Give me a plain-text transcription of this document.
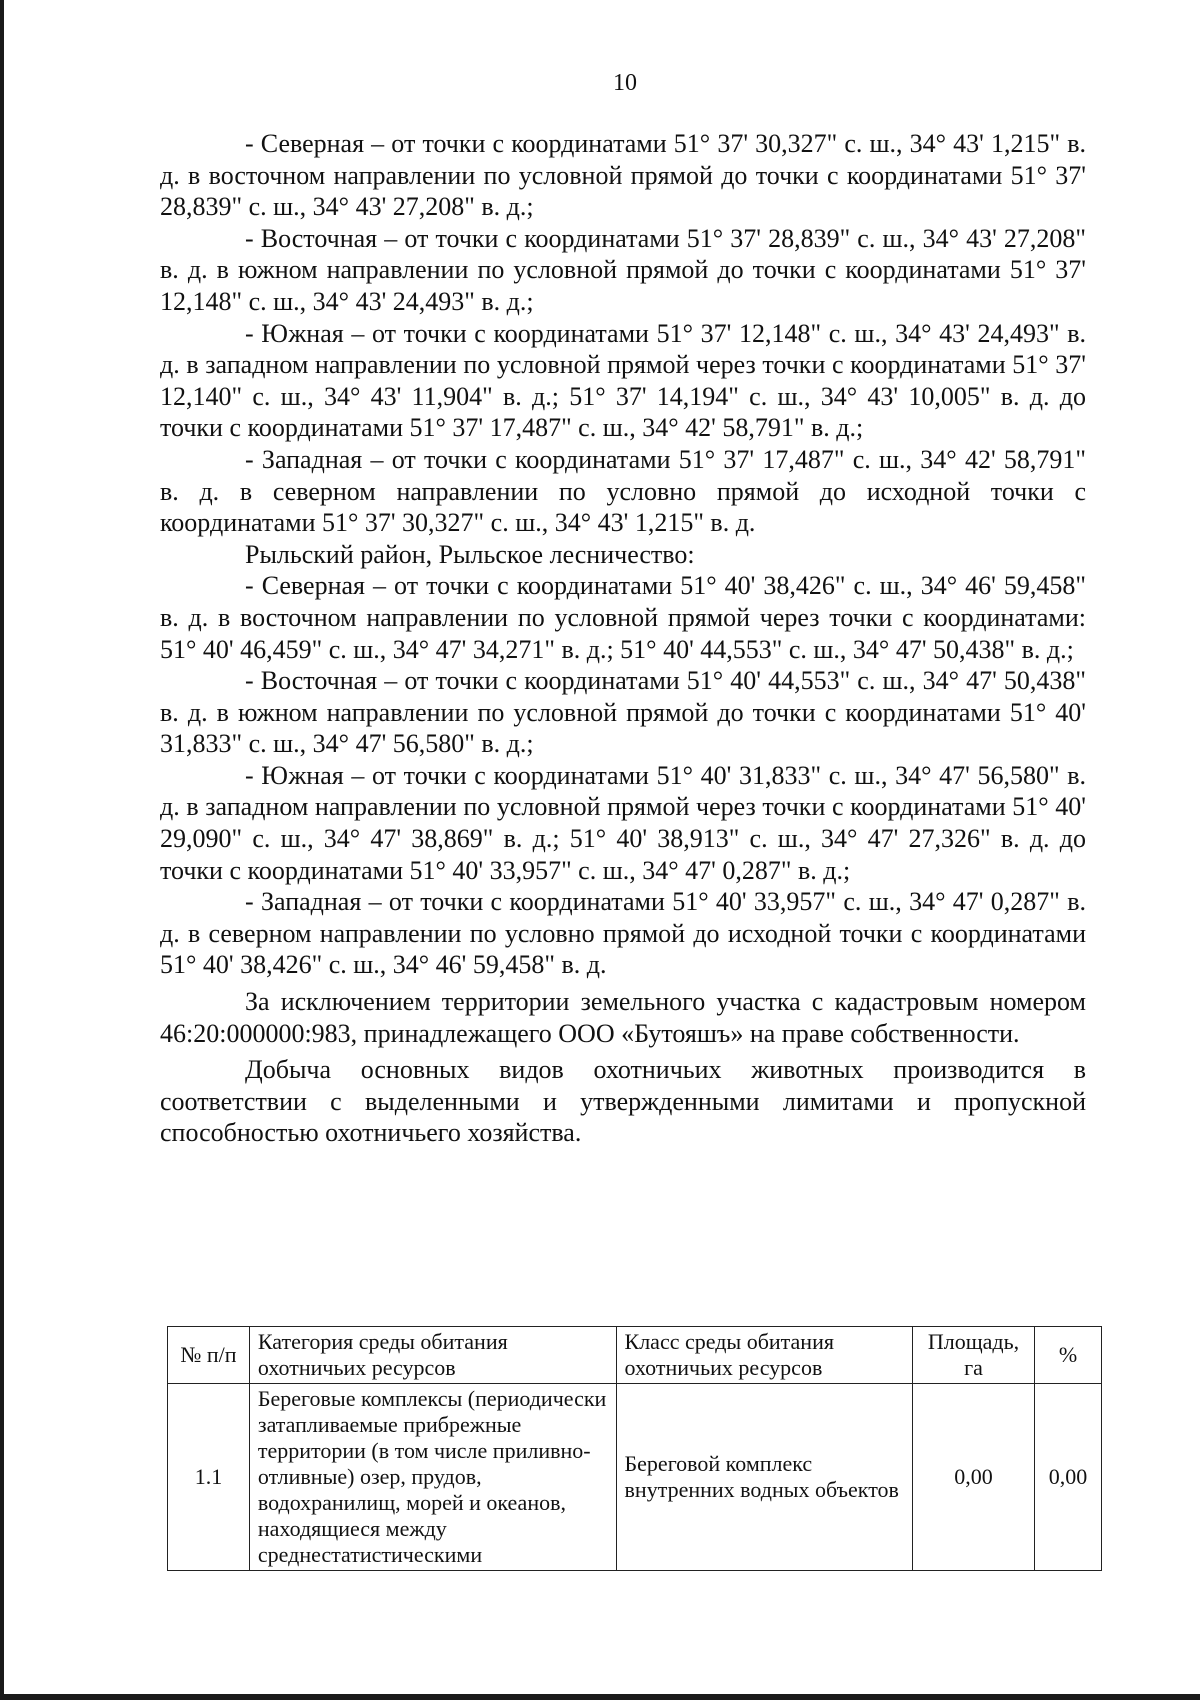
10

- Северная – от точки с координатами 51° 37' 30,327" с. ш., 34° 43' 1,215" в. д. в восточном направлении по условной прямой до точки с координатами 51° 37' 28,839" с. ш., 34° 43' 27,208" в. д.;

- Восточная – от точки с координатами 51° 37' 28,839" с. ш., 34° 43' 27,208" в. д. в южном направлении по условной прямой до точки с координатами 51° 37' 12,148" с. ш., 34° 43' 24,493" в. д.;

- Южная – от точки с координатами 51° 37' 12,148" с. ш., 34° 43' 24,493" в. д. в западном направлении по условной прямой через точки с координатами 51° 37' 12,140" с. ш., 34° 43' 11,904" в. д.; 51° 37' 14,194" с. ш., 34° 43' 10,005" в. д. до точки с координатами 51° 37' 17,487" с. ш., 34° 42' 58,791" в. д.;

- Западная – от точки с координатами 51° 37' 17,487" с. ш., 34° 42' 58,791" в. д. в северном направлении по условно прямой до исходной точки с координатами 51° 37' 30,327" с. ш., 34° 43' 1,215" в. д.

Рыльский район, Рыльское лесничество:

- Северная – от точки с координатами 51° 40' 38,426" с. ш., 34° 46' 59,458" в. д. в восточном направлении по условной прямой через точки с координатами: 51° 40' 46,459" с. ш., 34° 47' 34,271" в. д.; 51° 40' 44,553" с. ш., 34° 47' 50,438" в. д.;

- Восточная – от точки с координатами 51° 40' 44,553" с. ш., 34° 47' 50,438" в. д. в южном направлении по условной прямой до точки с координатами 51° 40' 31,833" с. ш., 34° 47' 56,580" в. д.;

- Южная – от точки с координатами 51° 40' 31,833" с. ш., 34° 47' 56,580" в. д. в западном направлении по условной прямой через точки с координатами 51° 40' 29,090" с. ш., 34° 47' 38,869" в. д.; 51° 40' 38,913" с. ш., 34° 47' 27,326" в. д. до точки с координатами 51° 40' 33,957" с. ш., 34° 47' 0,287" в. д.;

- Западная – от точки с координатами 51° 40' 33,957" с. ш., 34° 47' 0,287" в. д. в северном направлении по условно прямой до исходной точки с координатами 51° 40' 38,426" с. ш., 34° 46' 59,458" в. д.

За исключением территории земельного участка с кадастровым номером 46:20:000000:983, принадлежащего ООО «Бутояшъ» на праве собственности.

Добыча основных видов охотничьих животных производится в соответствии с выделенными и утвержденными лимитами и пропускной способностью охотничьего хозяйства.

№ п/п	Категория среды обитания охотничьих ресурсов	Класс среды обитания охотничьих ресурсов	Площадь, га	%
1.1	Береговые комплексы (периодически затапливаемые прибрежные территории (в том числе приливно-отливные) озер, прудов, водохранилищ, морей и океанов, находящиеся между среднестатистическими	Береговой комплекс внутренних водных объектов	0,00	0,00
